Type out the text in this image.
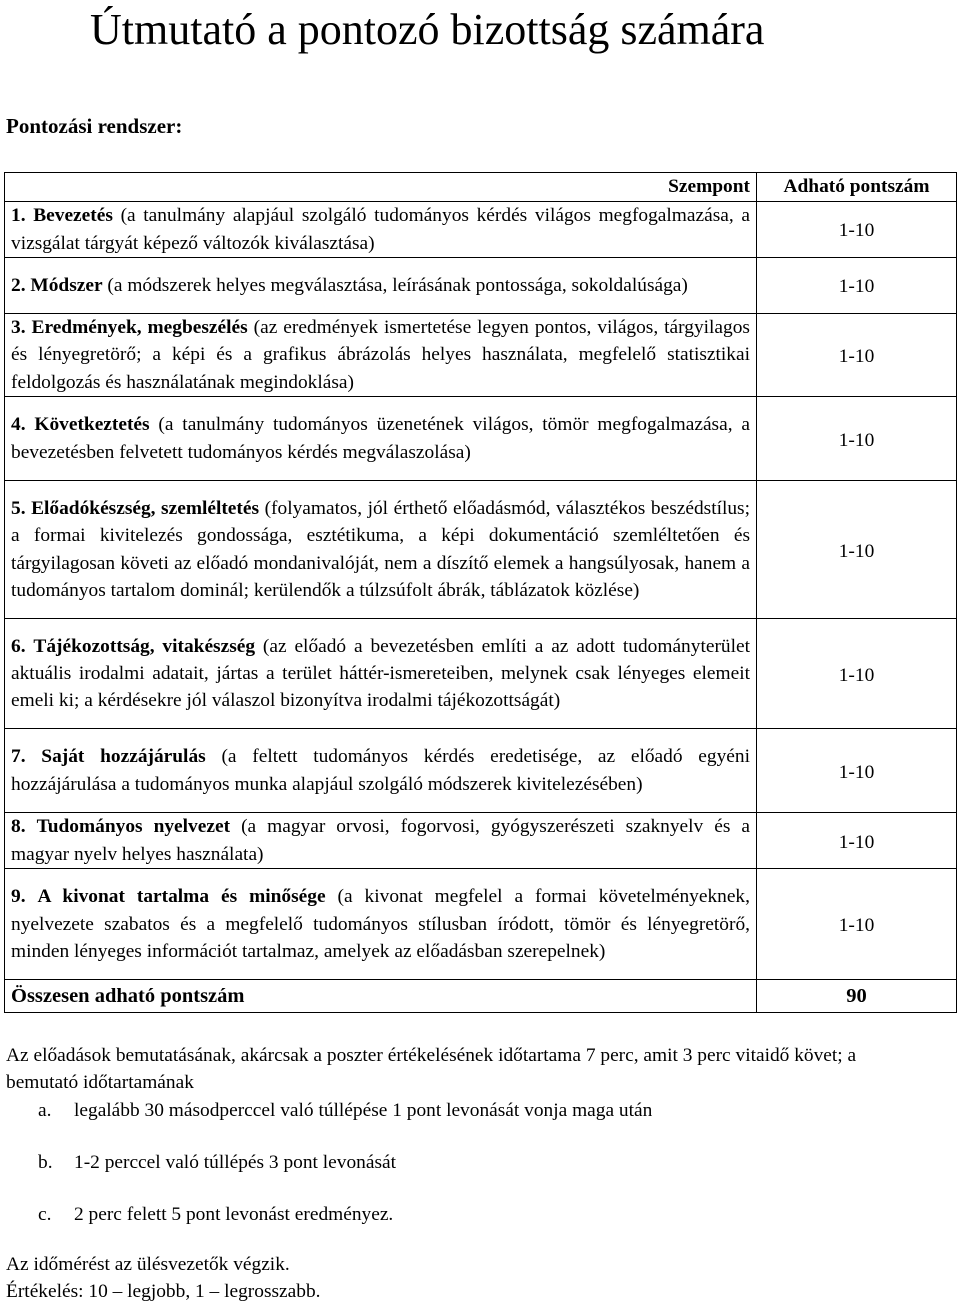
Útmutató a pontozó bizottság számára
Pontozási rendszer:
Szempont	Adható pontszám
1. Bevezetés (a tanulmány alapjául szolgáló tudományos kérdés világos megfogalmazása, a vizsgálat tárgyát képező változók kiválasztása)	1-10
2. Módszer (a módszerek helyes megválasztása, leírásának pontossága, sokoldalúsága)	1-10
3. Eredmények, megbeszélés (az eredmények ismertetése legyen pontos, világos, tárgyilagos és lényegretörő; a képi és a grafikus ábrázolás helyes használata, megfelelő statisztikai feldolgozás és használatának megindoklása)	1-10
4. Következtetés (a tanulmány tudományos üzenetének világos, tömör megfogalmazása, a bevezetésben felvetett tudományos kérdés megválaszolása)	1-10
5. Előadókészség, szemléltetés (folyamatos, jól érthető előadásmód, választékos beszédstílus; a formai kivitelezés gondossága, esztétikuma, a képi dokumentáció szemléltetően és tárgyilagosan követi az előadó mondanivalóját, nem a díszítő elemek a hangsúlyosak, hanem a tudományos tartalom dominál; kerülendők a túlzsúfolt ábrák, táblázatok közlése)	1-10
6. Tájékozottság, vitakészség (az előadó a bevezetésben említi a az adott tudományterület aktuális irodalmi adatait, jártas a terület háttér-ismereteiben, melynek csak lényeges elemeit emeli ki; a kérdésekre jól válaszol bizonyítva irodalmi tájékozottságát)	1-10
7. Saját hozzájárulás (a feltett tudományos kérdés eredetisége, az előadó egyéni hozzájárulása a tudományos munka alapjául szolgáló módszerek kivitelezésében)	1-10
8. Tudományos nyelvezet (a magyar orvosi, fogorvosi, gyógyszerészeti szaknyelv és a magyar nyelv helyes használata)	1-10
9. A kivonat tartalma és minősége (a kivonat megfelel a formai követelményeknek, nyelvezete szabatos és a megfelelő tudományos stílusban íródott, tömör és lényegretörő, minden lényeges információt tartalmaz, amelyek az előadásban szerepelnek)	1-10
Összesen adható pontszám	90

Az előadások bemutatásának, akárcsak a poszter értékelésének időtartama 7 perc, amit 3 perc vitaidő követ; a bemutató időtartamának

a. legalább 30 másodperccel való túllépése 1 pont levonását vonja maga után
b. 1-2 perccel való túllépés 3 pont levonását
c. 2 perc felett 5 pont levonást eredményez.

Az időmérést az ülésvezetők végzik.

Értékelés: 10 – legjobb, 1 – legrosszabb.
